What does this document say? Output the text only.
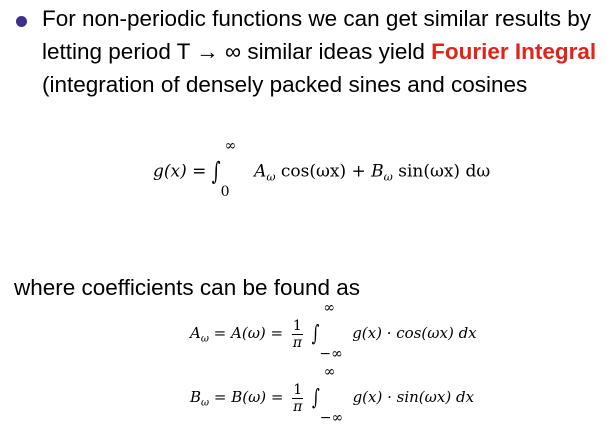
For non-periodic functions we can get similar results by
letting period T → ∞ similar ideas yield Fourier Integral
(integration of densely packed sines and cosines
g(x) = ∫
∞
0
$A_\omega$ $\cos(\omega x) + B_\omega$ sin(ωx) dω
where coefficients can be found as
$A_\omega = A(\omega) = \frac{1}{\pi}$ ∫
∞
−∞
g(x) · cos(ωx) dx
$B_\omega = B(\omega) = \frac{1}{\pi}$ ∫
∞
−∞
g(x) · sin(ωx) dx
